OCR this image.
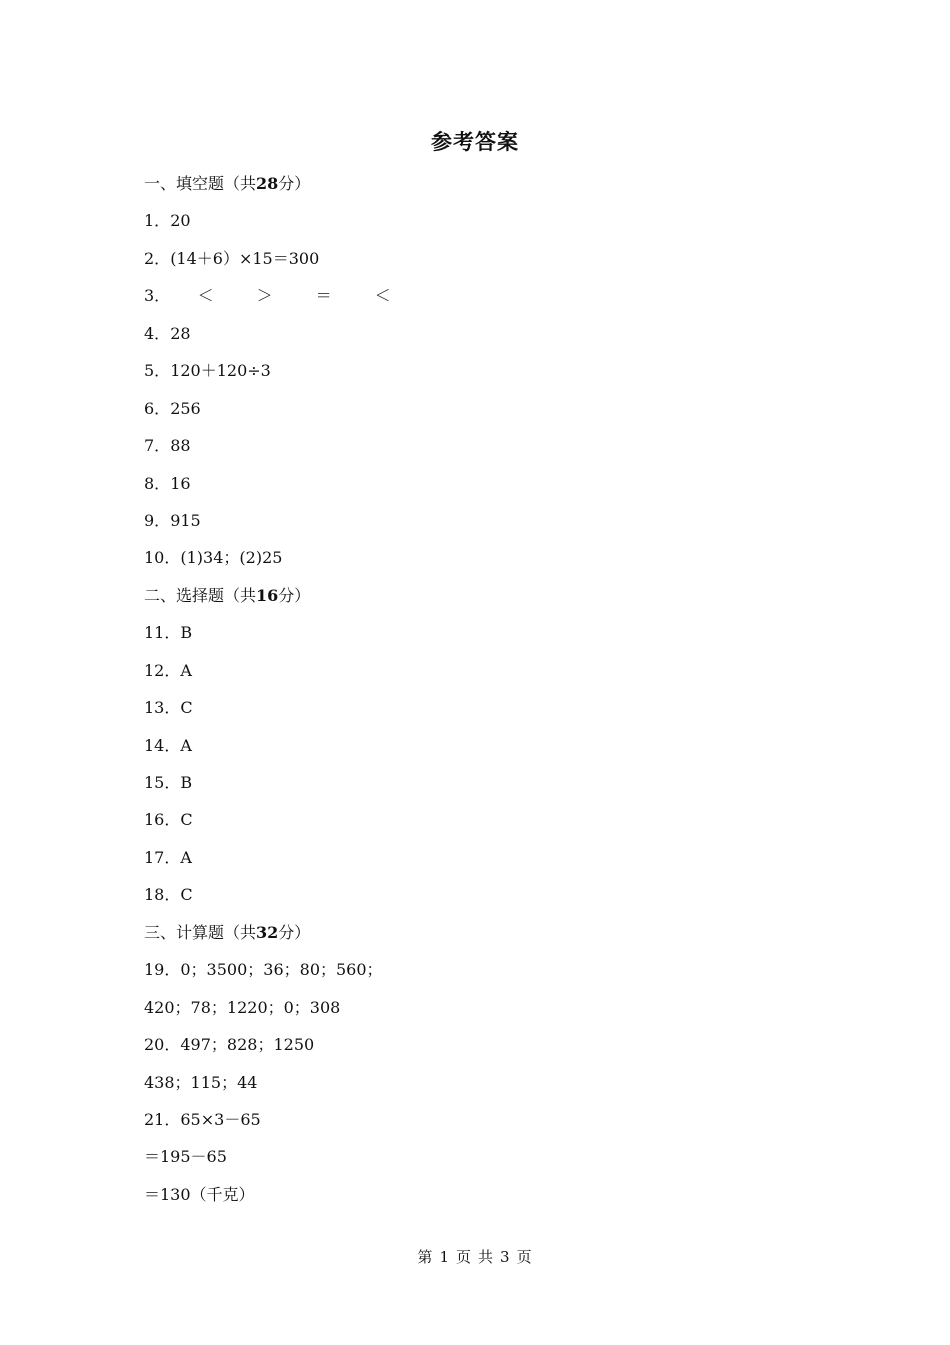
参考答案
一、填空题（共28分）
1．20
2．(14＋6）×15＝300
3． ＜	＞	＝	＜
4．28
5．120＋120÷3
6．256
7．88
8．16
9．915
10．(1)34；(2)25
二、选择题（共16分）
11．B
12．A
13．C
14．A
15．B
16．C
17．A
18．C
三、计算题（共32分）
19．0；3500；36；80；560；
420；78；1220；0；308
20．497；828；1250
438；115；44
21．65×3－65
＝195－65
＝130（千克）
第 1 页 共 3 页
